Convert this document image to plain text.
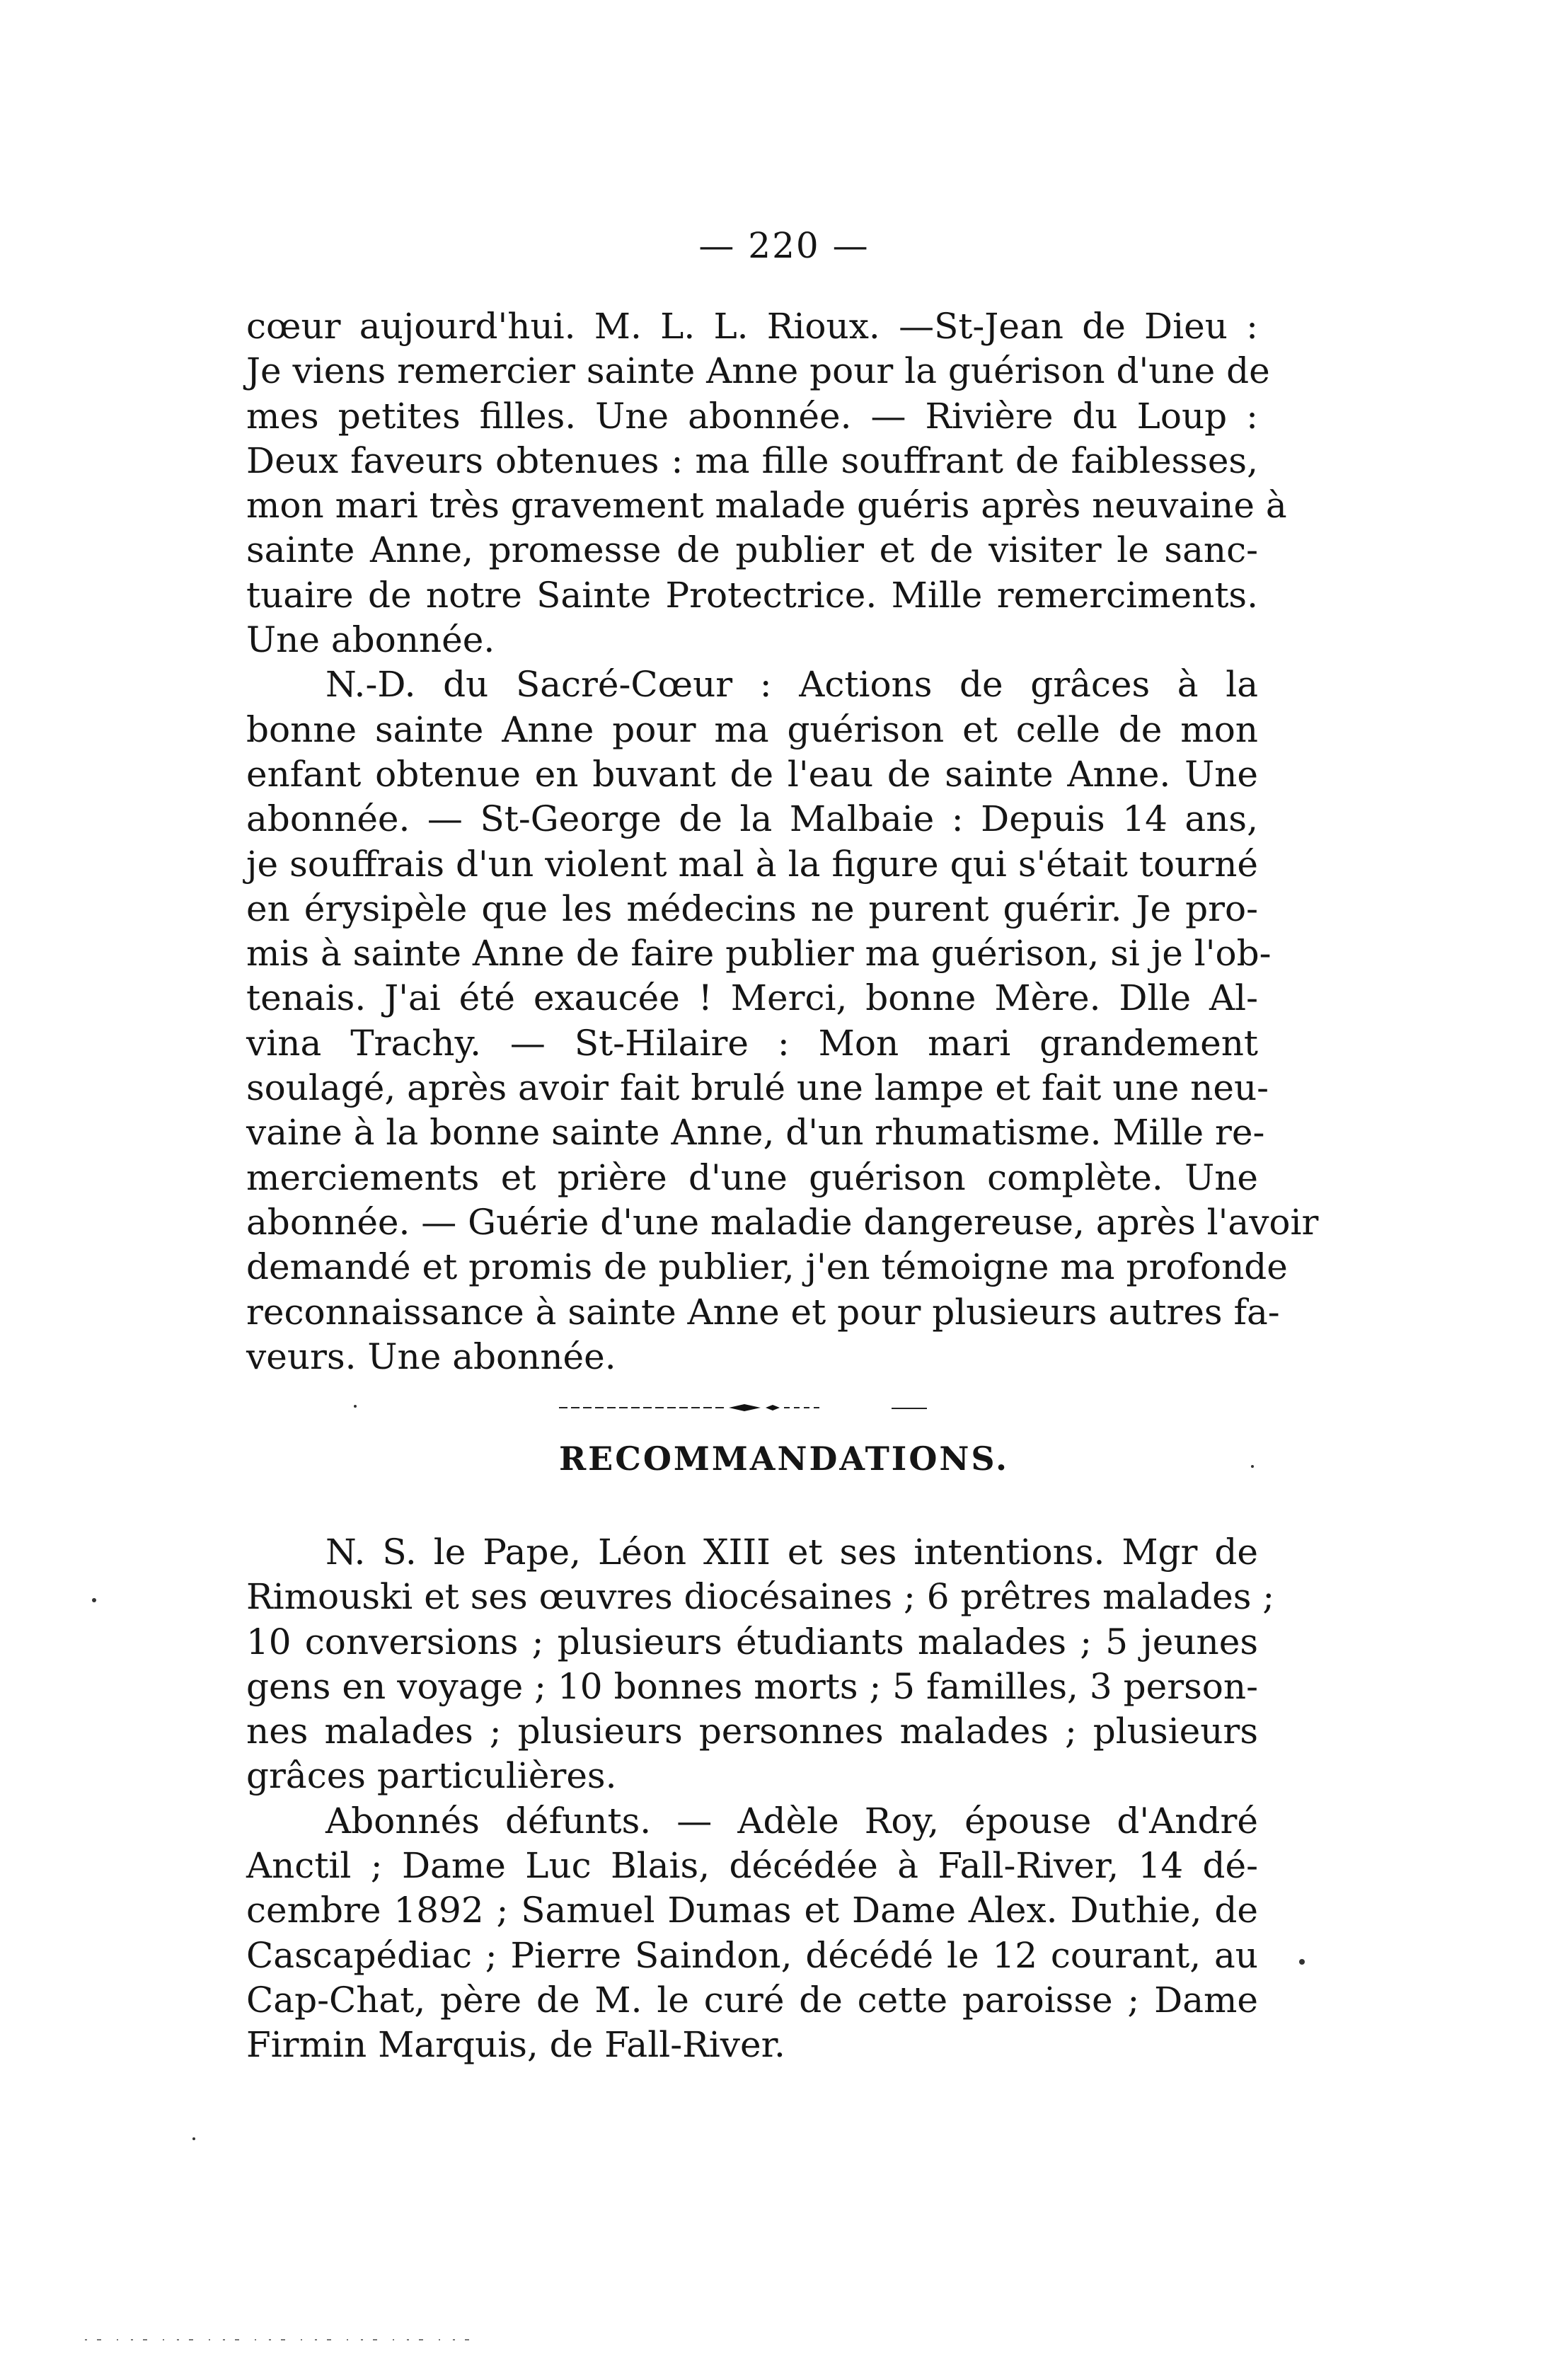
— 220 —
cœur aujourd'hui. M. L. L. Rioux. —St-Jean de Dieu :
Je viens remercier sainte Anne pour la guérison d'une de
mes petites filles. Une abonnée. — Rivière du Loup :
Deux faveurs obtenues : ma fille souffrant de faiblesses,
mon mari très gravement malade guéris après neuvaine à
sainte Anne, promesse de publier et de visiter le sanc-
tuaire de notre Sainte Protectrice. Mille remerciments.
Une abonnée.
N.-D. du Sacré-Cœur : Actions de grâces à la
bonne sainte Anne pour ma guérison et celle de mon
enfant obtenue en buvant de l'eau de sainte Anne. Une
abonnée. — St-George de la Malbaie : Depuis 14 ans,
je souffrais d'un violent mal à la figure qui s'était tourné
en érysipèle que les médecins ne purent guérir. Je pro-
mis à sainte Anne de faire publier ma guérison, si je l'ob-
tenais. J'ai été exaucée ! Merci, bonne Mère. Dlle Al-
vina Trachy. — St-Hilaire : Mon mari grandement
soulagé, après avoir fait brulé une lampe et fait une neu-
vaine à la bonne sainte Anne, d'un rhumatisme. Mille re-
merciements et prière d'une guérison complète. Une
abonnée. — Guérie d'une maladie dangereuse, après l'avoir
demandé et promis de publier, j'en témoigne ma profonde
reconnaissance à sainte Anne et pour plusieurs autres fa-
veurs. Une abonnée.
RECOMMANDATIONS.
N. S. le Pape, Léon XIII et ses intentions. Mgr de
Rimouski et ses œuvres diocésaines ; 6 prêtres malades ;
10 conversions ; plusieurs étudiants malades ; 5 jeunes
gens en voyage ; 10 bonnes morts ; 5 familles, 3 person-
nes malades ; plusieurs personnes malades ; plusieurs
grâces particulières.
Abonnés défunts. — Adèle Roy, épouse d'André
Anctil ; Dame Luc Blais, décédée à Fall-River, 14 dé-
cembre 1892 ; Samuel Dumas et Dame Alex. Duthie, de
Cascapédiac ; Pierre Saindon, décédé le 12 courant, au
Cap-Chat, père de M. le curé de cette paroisse ; Dame
Firmin Marquis, de Fall-River.
